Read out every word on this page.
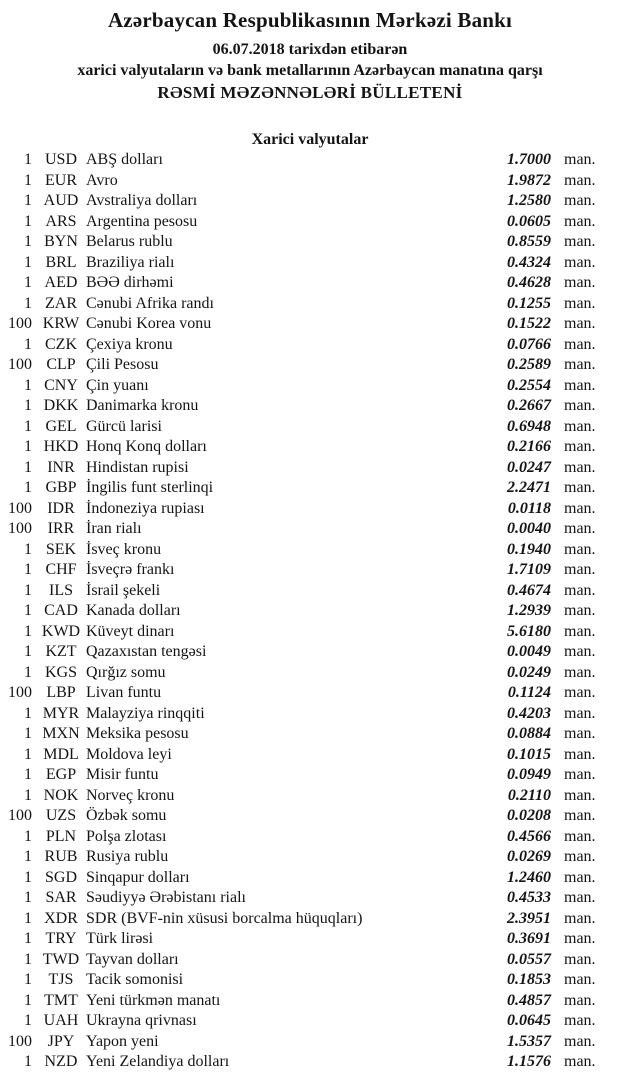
Azərbaycan Respublikasının Mərkəzi Bankı
06.07.2018 tarixdən etibarən
xarici valyutaların və bank metallarının Azərbaycan manatına qarşı
RƏSMİ MƏZƏNNƏLƏRİ BÜLLETENİ
Xarici valyutalar
1 USD ABŞ dolları	1.7000 man.
1 EUR Avro	1.9872 man.
1 AUD Avstraliya dolları	1.2580 man.
1 ARS Argentina pesosu	0.0605 man.
1 BYN Belarus rublu	0.8559 man.
1 BRL Braziliya rialı	0.4324 man.
1 AED BƏƏ dirhəmi	0.4628 man.
1 ZAR Cənubi Afrika randı	0.1255 man.
100 KRW Cənubi Korea vonu	0.1522 man.
1 CZK Çexiya kronu	0.0766 man.
100 CLP Çili Pesosu	0.2589 man.
1 CNY Çin yuanı	0.2554 man.
1 DKK Danimarka kronu	0.2667 man.
1 GEL Gürcü larisi	0.6948 man.
1 HKD Honq Konq dolları	0.2166 man.
1 INR Hindistan rupisi	0.0247 man.
1 GBP İngilis funt sterlinqi	2.2471 man.
100 IDR İndoneziya rupiası	0.0118 man.
100 IRR İran rialı	0.0040 man.
1 SEK İsveç kronu	0.1940 man.
1 CHF İsveçrə frankı	1.7109 man.
1	ILS İsrail şekeli	0.4674 man.
1 CAD Kanada dolları	1.2939 man.
1 KWD Küveyt dinarı	5.6180 man.
1 KZT Qazaxıstan tengəsi	0.0049 man.
1 KGS Qırğız somu	0.0249 man.
100 LBP Livan funtu	0.1124 man.
1 MYR Malayziya rinqqiti	0.4203 man.
1 MXN Meksika pesosu	0.0884 man.
1 MDL Moldova leyi	0.1015 man.
1 EGP Misir funtu	0.0949 man.
1 NOK Norveç kronu	0.2110 man.
100 UZS Özbək somu	0.0208 man.
1 PLN Polşa zlotası	0.4566 man.
1 RUB Rusiya rublu	0.0269 man.
1 SGD Sinqapur dolları	1.2460 man.
1 SAR Səudiyyə Ərəbistanı rialı	0.4533 man.
1 XDR SDR (BVF-nin xüsusi borcalma hüquqları)	2.3951 man.
1 TRY Türk lirəsi	0.3691 man.
1 TWD Tayvan dolları	0.0557 man.
1	TJS Tacik somonisi	0.1853 man.
1 TMT Yeni türkmən manatı	0.4857 man.
1 UAH Ukrayna qrivnası	0.0645 man.
100 JPY Yapon yeni	1.5357 man.
1 NZD Yeni Zelandiya dolları	1.1576 man.
